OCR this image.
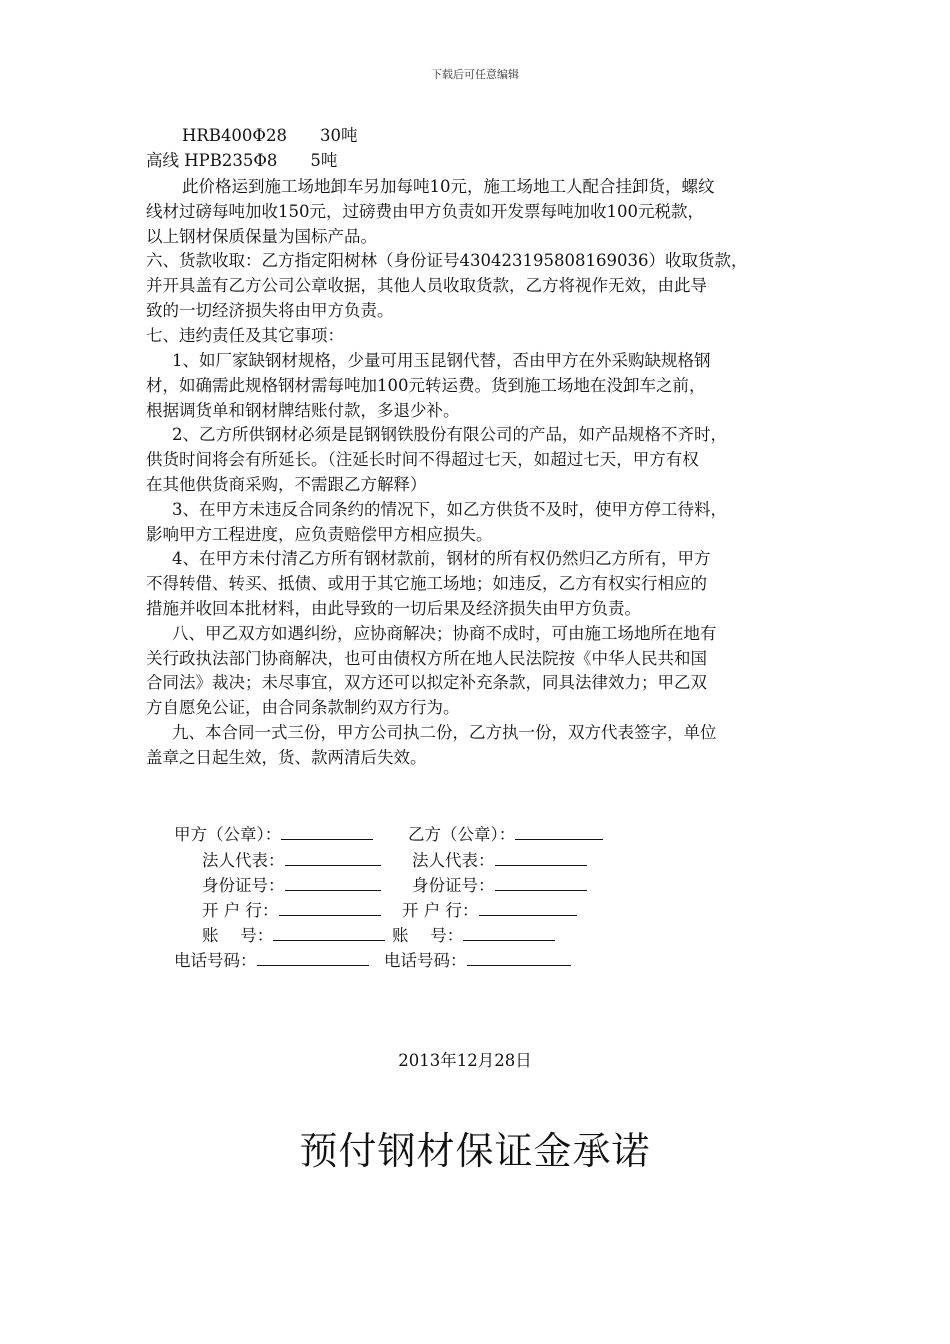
下载后可任意编辑
HRB400Φ28　　30吨
高线 HPB235Φ8　　5吨
此价格运到施工场地卸车另加每吨10元，施工场地工人配合挂卸货，螺纹
线材过磅每吨加收150元，过磅费由甲方负责如开发票每吨加收100元税款，
以上钢材保质保量为国标产品。
六、货款收取：乙方指定阳树林（身份证号430423195808169036）收取货款，
并开具盖有乙方公司公章收据，其他人员收取货款，乙方将视作无效，由此导
致的一切经济损失将由甲方负责。
七、违约责任及其它事项：
1、如厂家缺钢材规格，少量可用玉昆钢代替，否由甲方在外采购缺规格钢
材，如确需此规格钢材需每吨加100元转运费。货到施工场地在没卸车之前，
根据调货单和钢材牌结账付款，多退少补。
2、乙方所供钢材必须是昆钢钢铁股份有限公司的产品，如产品规格不齐时，
供货时间将会有所延长。（注延长时间不得超过七天，如超过七天，甲方有权
在其他供货商采购，不需跟乙方解释）
3、在甲方未违反合同条约的情况下，如乙方供货不及时，使甲方停工待料，
影响甲方工程进度，应负责赔偿甲方相应损失。
4、在甲方未付清乙方所有钢材款前，钢材的所有权仍然归乙方所有，甲方
不得转借、转买、抵债、或用于其它施工场地；如违反，乙方有权实行相应的
措施并收回本批材料，由此导致的一切后果及经济损失由甲方负责。
八、甲乙双方如遇纠纷，应协商解决；协商不成时，可由施工场地所在地有
关行政执法部门协商解决，也可由债权方所在地人民法院按《中华人民共和国
合同法》裁决；未尽事宜，双方还可以拟定补充条款，同具法律效力；甲乙双
方自愿免公证，由合同条款制约双方行为。
九、本合同一式三份，甲方公司执二份，乙方执一份，双方代表签字，单位
盖章之日起生效，货、款两清后失效。
甲方（公章）：	乙方（公章）：
法人代表：	法人代表：
身份证号：	身份证号：
开 户 行：	开 户 行：
账　 号：	账　 号：
电话号码：	电话号码：
2013年12月28日
预付钢材保证金承诺
